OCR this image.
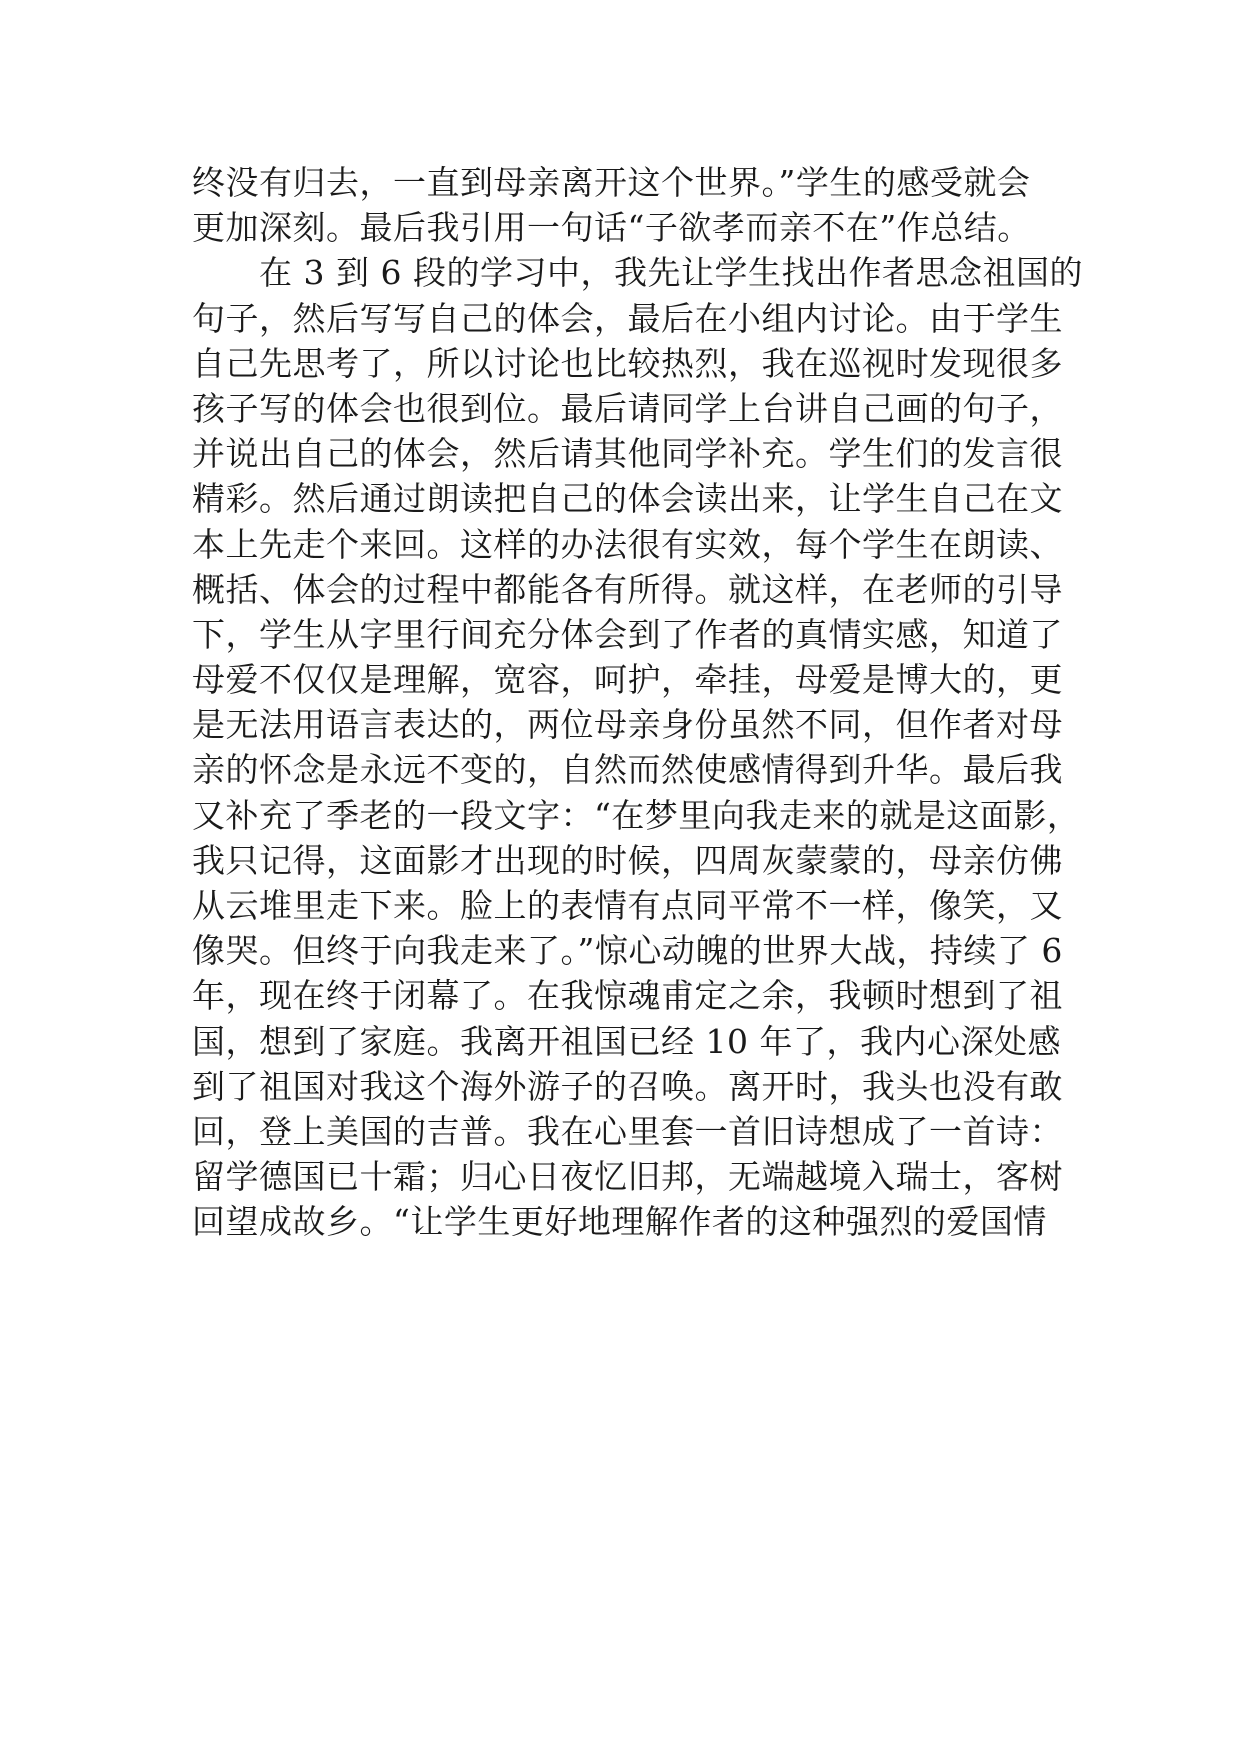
终没有归去，一直到母亲离开这个世界。”学生的感受就会
更加深刻。最后我引用一句话“子欲孝而亲不在”作总结。
　　在 3 到 6 段的学习中，我先让学生找出作者思念祖国的
句子，然后写写自己的体会，最后在小组内讨论。由于学生
自己先思考了，所以讨论也比较热烈，我在巡视时发现很多
孩子写的体会也很到位。最后请同学上台讲自己画的句子，
并说出自己的体会，然后请其他同学补充。学生们的发言很
精彩。然后通过朗读把自己的体会读出来，让学生自己在文
本上先走个来回。这样的办法很有实效，每个学生在朗读、
概括、体会的过程中都能各有所得。就这样，在老师的引导
下，学生从字里行间充分体会到了作者的真情实感，知道了
母爱不仅仅是理解，宽容，呵护，牵挂，母爱是博大的，更
是无法用语言表达的，两位母亲身份虽然不同，但作者对母
亲的怀念是永远不变的，自然而然使感情得到升华。最后我
又补充了季老的一段文字：“在梦里向我走来的就是这面影，
我只记得，这面影才出现的时候，四周灰蒙蒙的，母亲仿佛
从云堆里走下来。脸上的表情有点同平常不一样，像笑，又
像哭。但终于向我走来了。”惊心动魄的世界大战，持续了 6
年，现在终于闭幕了。在我惊魂甫定之余，我顿时想到了祖
国，想到了家庭。我离开祖国已经 10 年了，我内心深处感
到了祖国对我这个海外游子的召唤。离开时，我头也没有敢
回，登上美国的吉普。我在心里套一首旧诗想成了一首诗：
留学德国已十霜；归心日夜忆旧邦，无端越境入瑞士，客树
回望成故乡。“让学生更好地理解作者的这种强烈的爱国情
